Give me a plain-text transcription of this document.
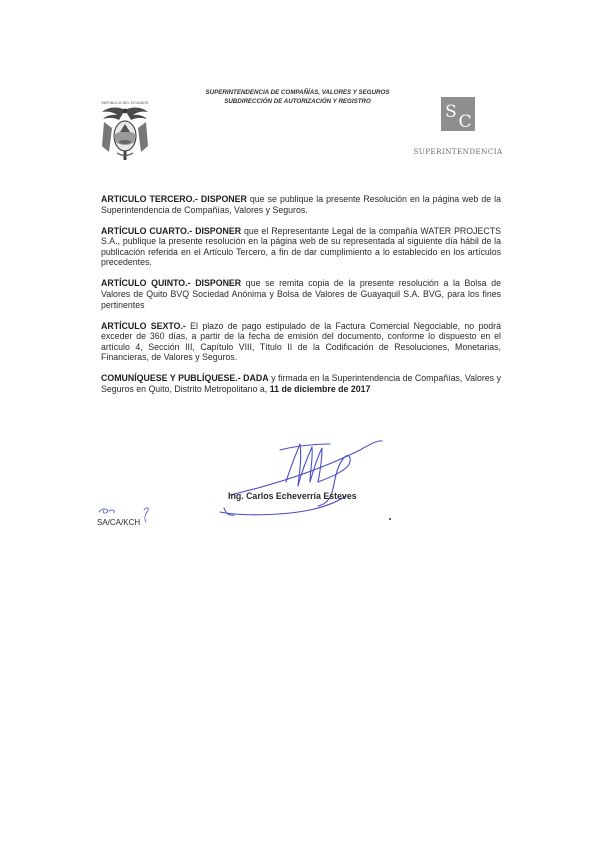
SUPERINTENDENCIA DE COMPAÑÍAS, VALORES Y SEGUROS
SUBDIRECCIÓN DE AUTORIZACIÓN Y REGISTRO
REPÚBLICA DEL ECUADOR	S C
SUPERINTENDENCIA

ARTICULO TERCERO.- DISPONER que se publique la presente Resolución en la página web de la Superintendencia de Compañías, Valores y Seguros.

ARTÍCULO CUARTO.- DISPONER que el Representante Legal de la compañía WATER PROJECTS S.A., publique la presente resolución en la página web de su representada al siguiente día hábil de la publicación referida en el Artículo Tercero, a fin de dar cumplimiento a lo establecido en los artículos precedentes.

ARTÍCULO QUINTO.- DISPONER que se remita copia de la presente resolución a la Bolsa de Valores de Quito BVQ Sociedad Anónima y Bolsa de Valores de Guayaquil S.A. BVG, para los fines pertinentes

ARTÍCULO SEXTO.- El plazo de pago estipulado de la Factura Comercial Negociable, no podrá exceder de 360 días, a partir de la fecha de emisión del documento, conforme lo dispuesto en el artículo 4, Sección III, Capítulo VIII, Título II de la Codificación de Resoluciones, Monetarias, Financieras, de Valores y Seguros.

COMUNÍQUESE Y PUBLÍQUESE.- DADA y firmada en la Superintendencia de Compañías, Valores y Seguros en Quito, Distrito Metropolitano a, 11 de diciembre de 2017

Ing. Carlos Echeverría Esteves
SA/CA/KCH
